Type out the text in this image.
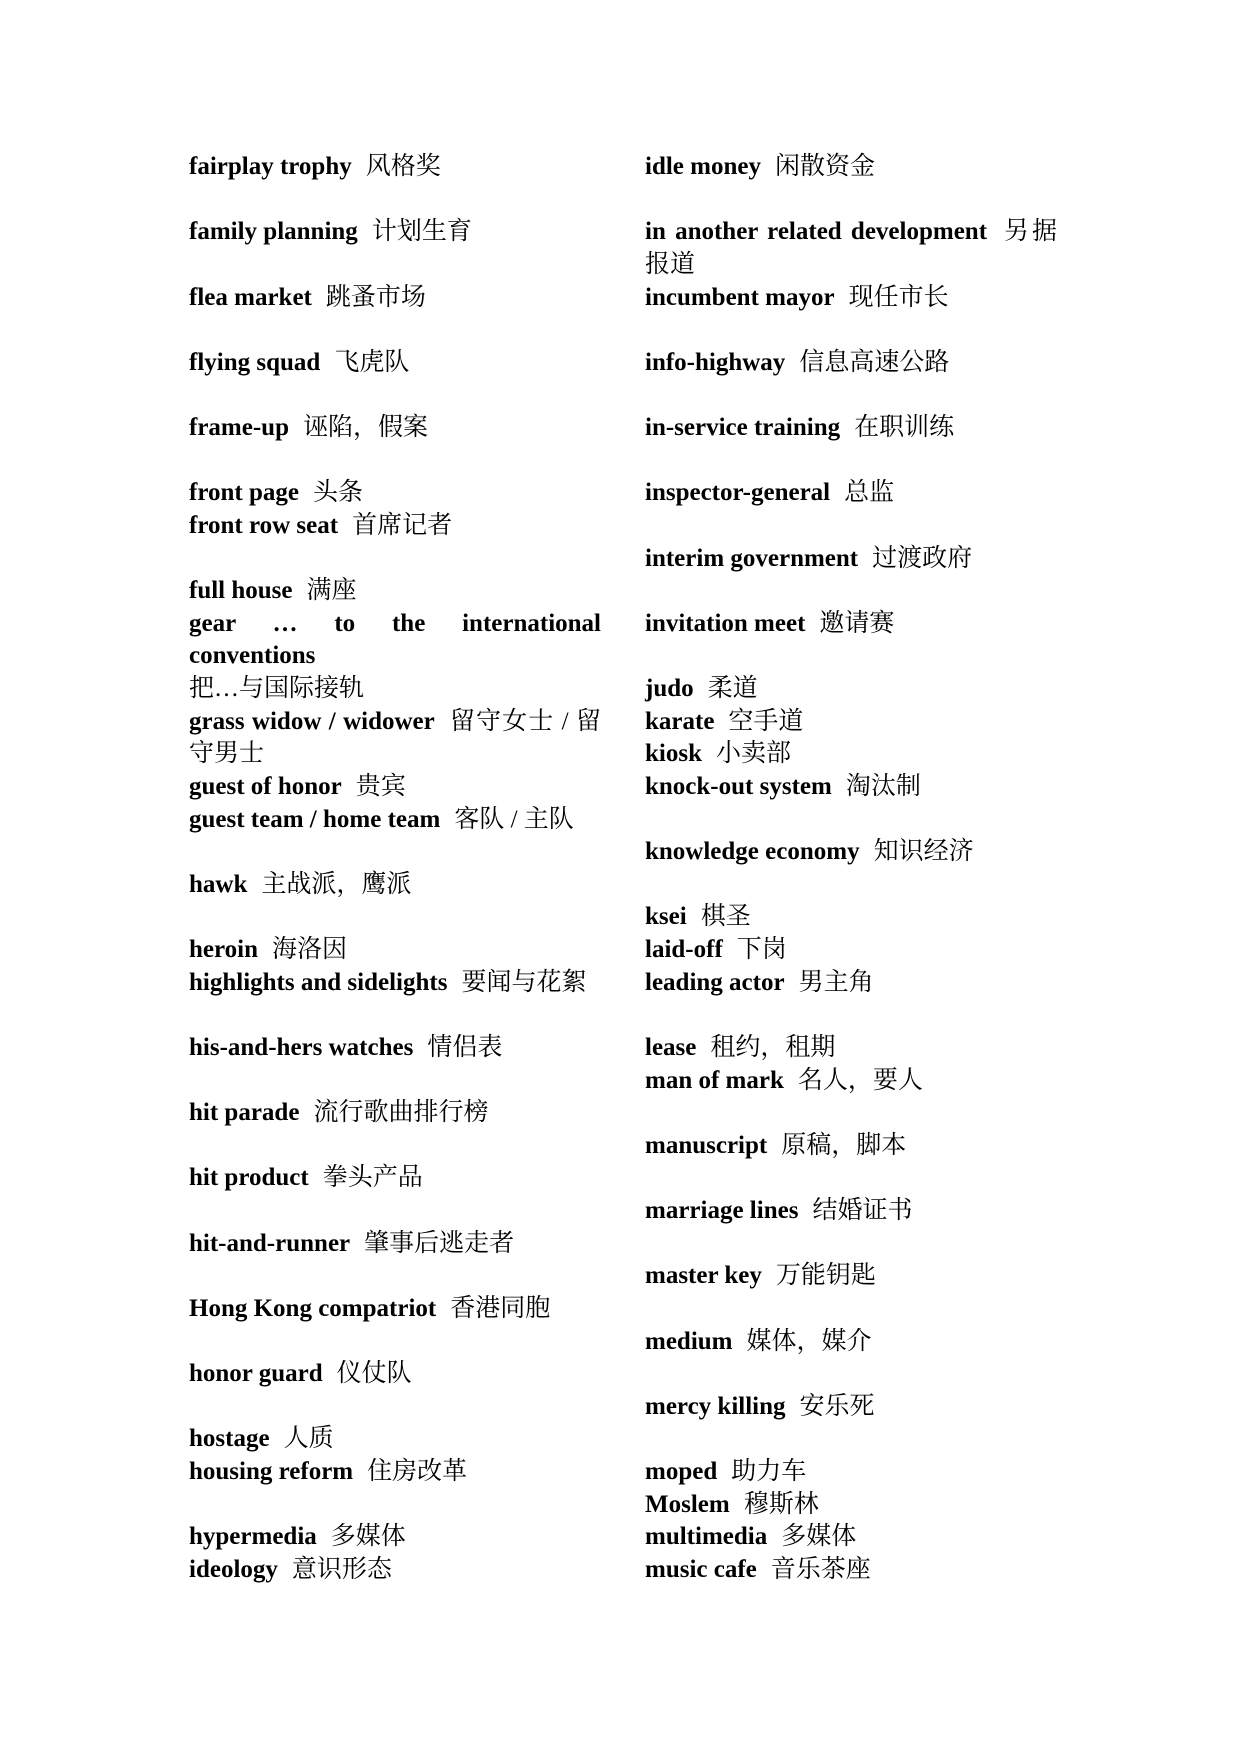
fairplay trophy 风格奖
family planning 计划生育
flea market 跳蚤市场
flying squad 飞虎队
frame-up 诬陷，假案
front page 头条
front row seat 首席记者
full house 满座
gear … to the international
conventions
把…与国际接轨
grass widow / widower 留守女士 / 留
守男士
guest of honor 贵宾
guest team / home team 客队 / 主队
hawk 主战派，鹰派
heroin 海洛因
highlights and sidelights 要闻与花絮
his-and-hers watches 情侣表
hit parade 流行歌曲排行榜
hit product 拳头产品
hit-and-runner 肇事后逃走者
Hong Kong compatriot 香港同胞
honor guard 仪仗队
hostage 人质
housing reform 住房改革
hypermedia 多媒体
ideology 意识形态
idle money 闲散资金
in another related development 另据
报道
incumbent mayor 现任市长
info-highway 信息高速公路
in-service training 在职训练
inspector-general 总监
interim government 过渡政府
invitation meet 邀请赛
judo 柔道
karate 空手道
kiosk 小卖部
knock-out system 淘汰制
knowledge economy 知识经济
ksei 棋圣
laid-off 下岗
leading actor 男主角
lease 租约，租期
man of mark 名人，要人
manuscript 原稿，脚本
marriage lines 结婚证书
master key 万能钥匙
medium 媒体，媒介
mercy killing 安乐死
moped 助力车
Moslem 穆斯林
multimedia 多媒体
music cafe 音乐茶座
